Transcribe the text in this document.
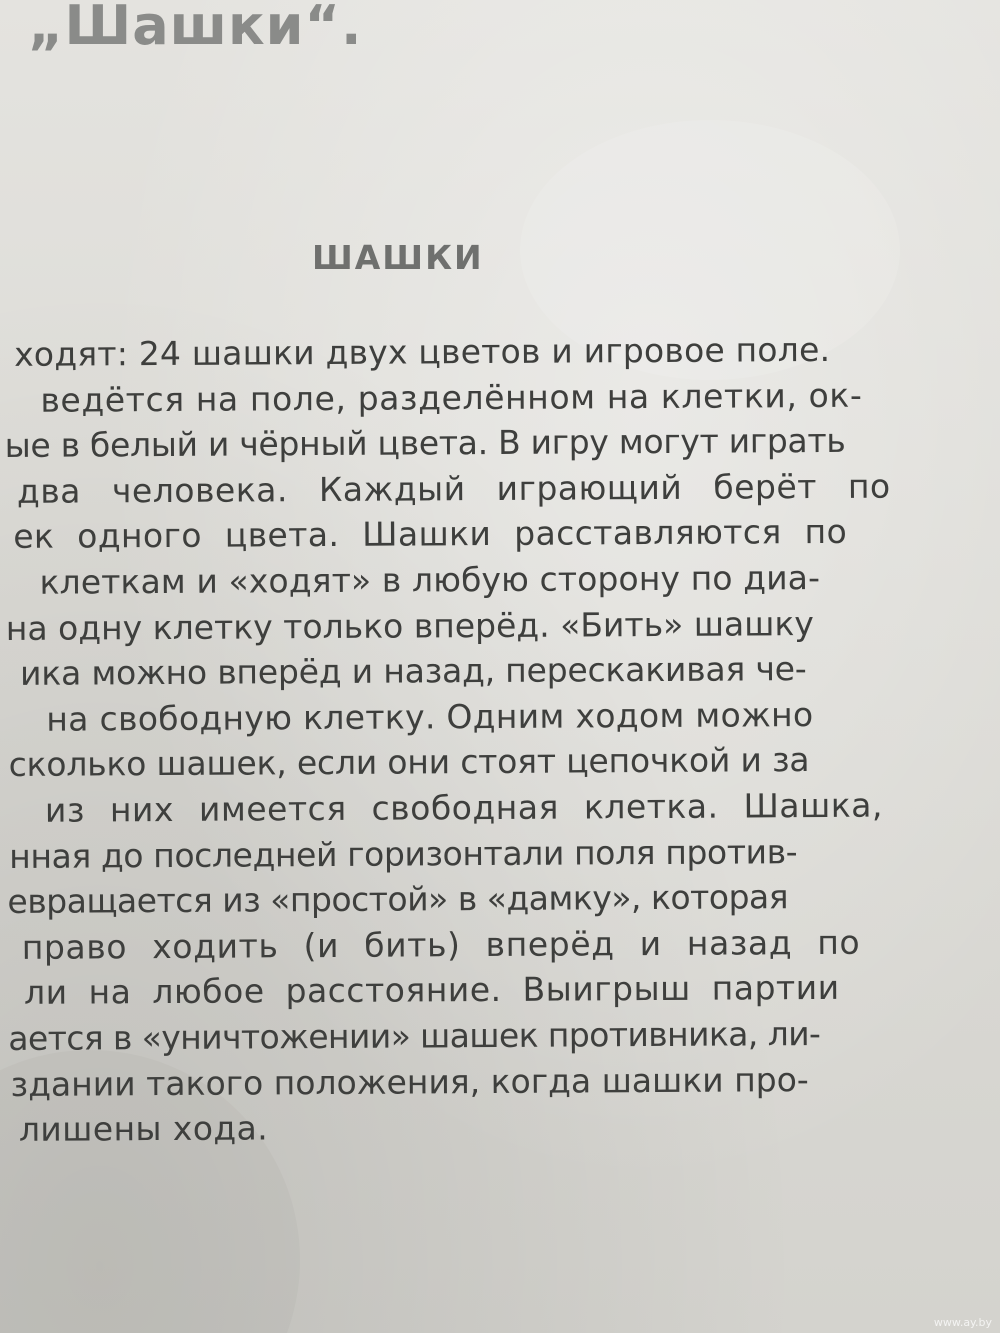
„Шашки“.
ШАШКИ
ходят: 24 шашки двух цветов и игровое поле.
ведётся на поле, разделённом на клетки, ок-
ые в белый и чёрный цвета. В игру могут играть
два человека. Каждый играющий берёт по
ек одного цвета. Шашки расставляются по
клеткам и «ходят» в любую сторону по диа-
на одну клетку только вперёд. «Бить» шашку
ика можно вперёд и назад, перескакивая че-
на свободную клетку. Одним ходом можно
сколько шашек, если они стоят цепочкой и за
из них имеется свободная клетка. Шашка,
нная до последней горизонтали поля против-
евращается из «простой» в «дамку», которая
право ходить (и бить) вперёд и назад по
ли на любое расстояние. Выигрыш партии
ается в «уничтожении» шашек противника, ли-
здании такого положения, когда шашки про-
лишены хода.
www.ay.by
